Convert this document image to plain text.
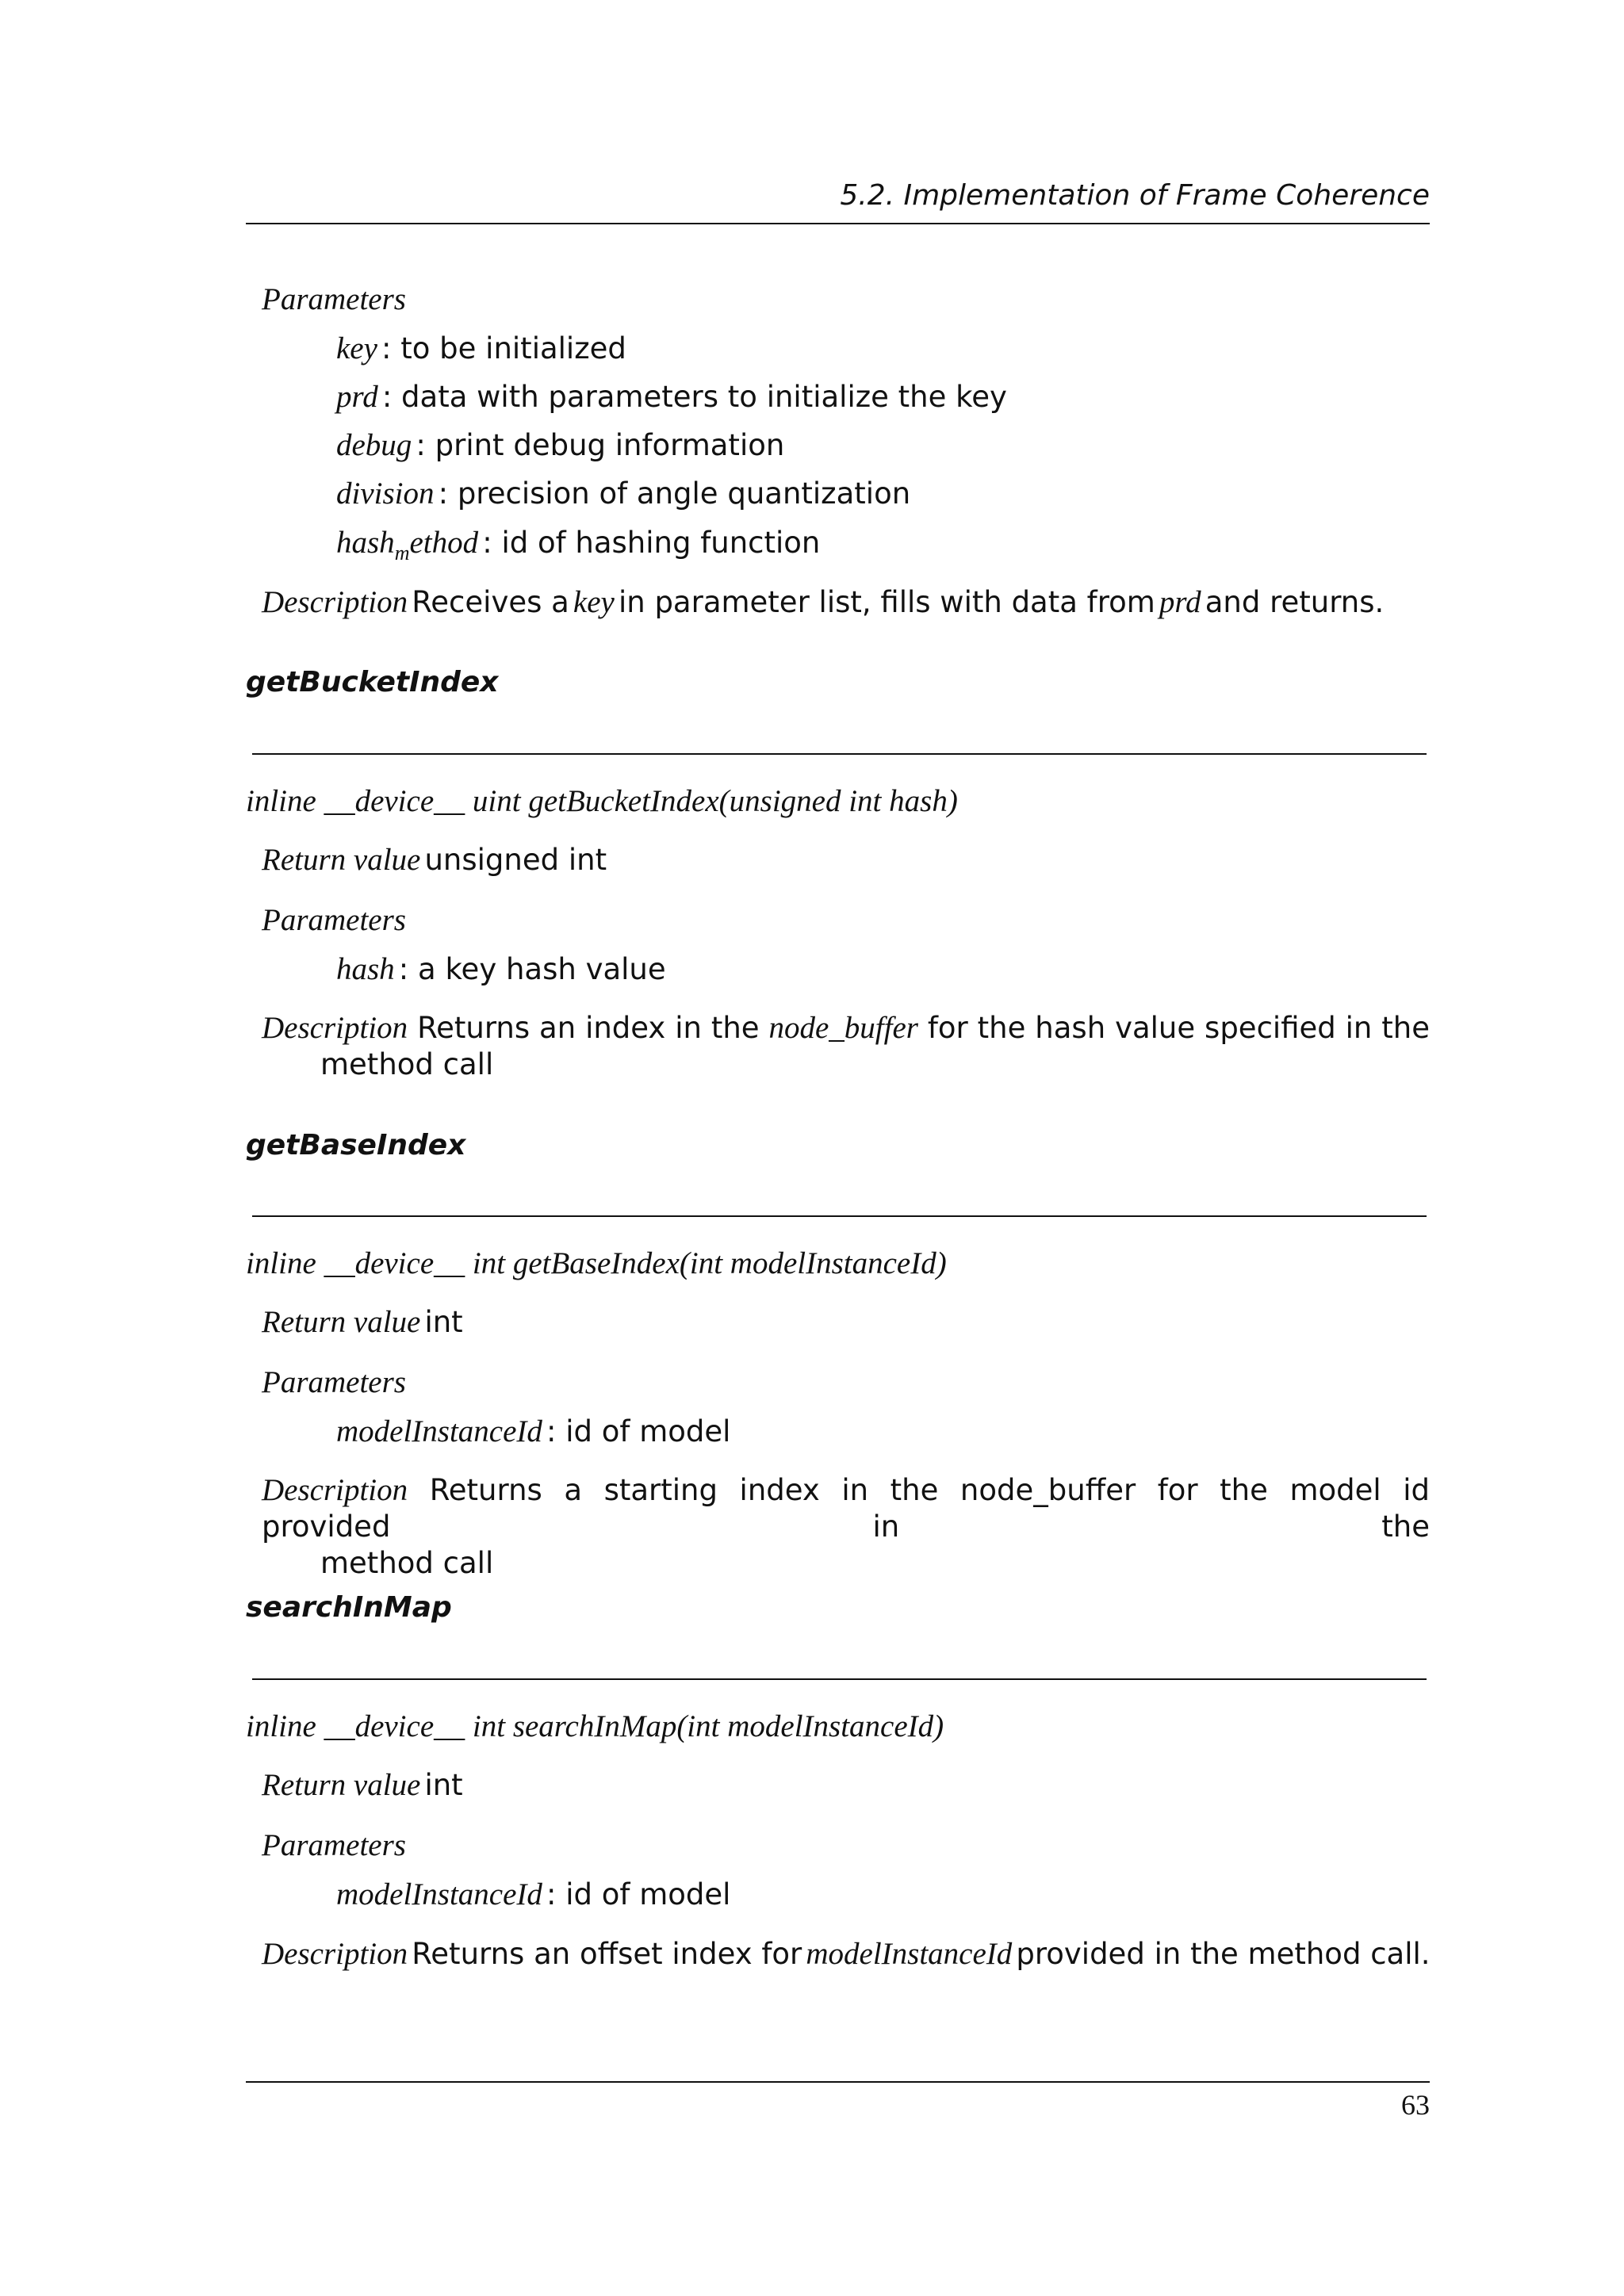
5.2. Implementation of Frame Coherence
Parameters
key : to be initialized
prd : data with parameters to initialize the key
debug : print debug information
division : precision of angle quantization
hash$_m$ethod : id of hashing function
Description Receives a key in parameter list, fills with data from prd and returns.
getBucketIndex
inline __device__ uint getBucketIndex(unsigned int hash)
Return value unsigned int
Parameters
hash : a key hash value
Description Returns an index in the node_buffer for the hash value specified in the
method call
getBaseIndex
inline __device__ int getBaseIndex(int modelInstanceId)
Return value int
Parameters
modelInstanceId : id of model
Description Returns a starting index in the node_buffer for the model id provided in the
method call
searchInMap
inline __device__ int searchInMap(int modelInstanceId)
Return value int
Parameters
modelInstanceId : id of model
Description Returns an offset index for modelInstanceId provided in the method call.
63
